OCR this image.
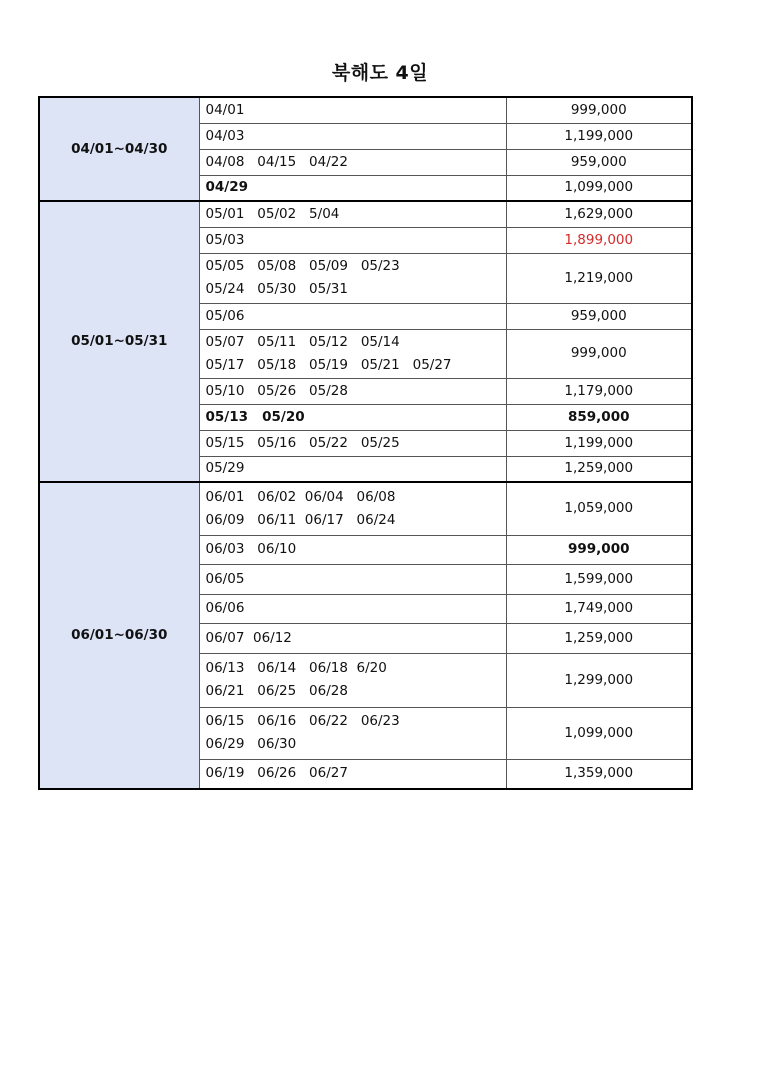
북해도 4일
04/01~04/30	04/01	999,000

	04/03	1,199,000

	04/08   04/15   04/22	959,000

	04/29	1,099,000
05/01~05/31	05/01   05/02   5/04	1,629,000

	05/03	1,899,000

	05/05   05/08   05/09   05/23
05/24   05/30   05/31	1,219,000

	05/06	959,000

	05/07   05/11   05/12   05/14
05/17   05/18   05/19   05/21   05/27	999,000

	05/10   05/26   05/28	1,179,000

	05/13   05/20	859,000

	05/15   05/16   05/22   05/25	1,199,000

	05/29	1,259,000
06/01~06/30	06/01   06/02  06/04   06/08
06/09   06/11  06/17   06/24	1,059,000

	06/03   06/10	999,000

	06/05	1,599,000

	06/06	1,749,000

	06/07  06/12	1,259,000

	06/13   06/14   06/18  6/20
06/21   06/25   06/28	1,299,000

	06/15   06/16   06/22   06/23
06/29   06/30	1,099,000

	06/19   06/26   06/27	1,359,000
